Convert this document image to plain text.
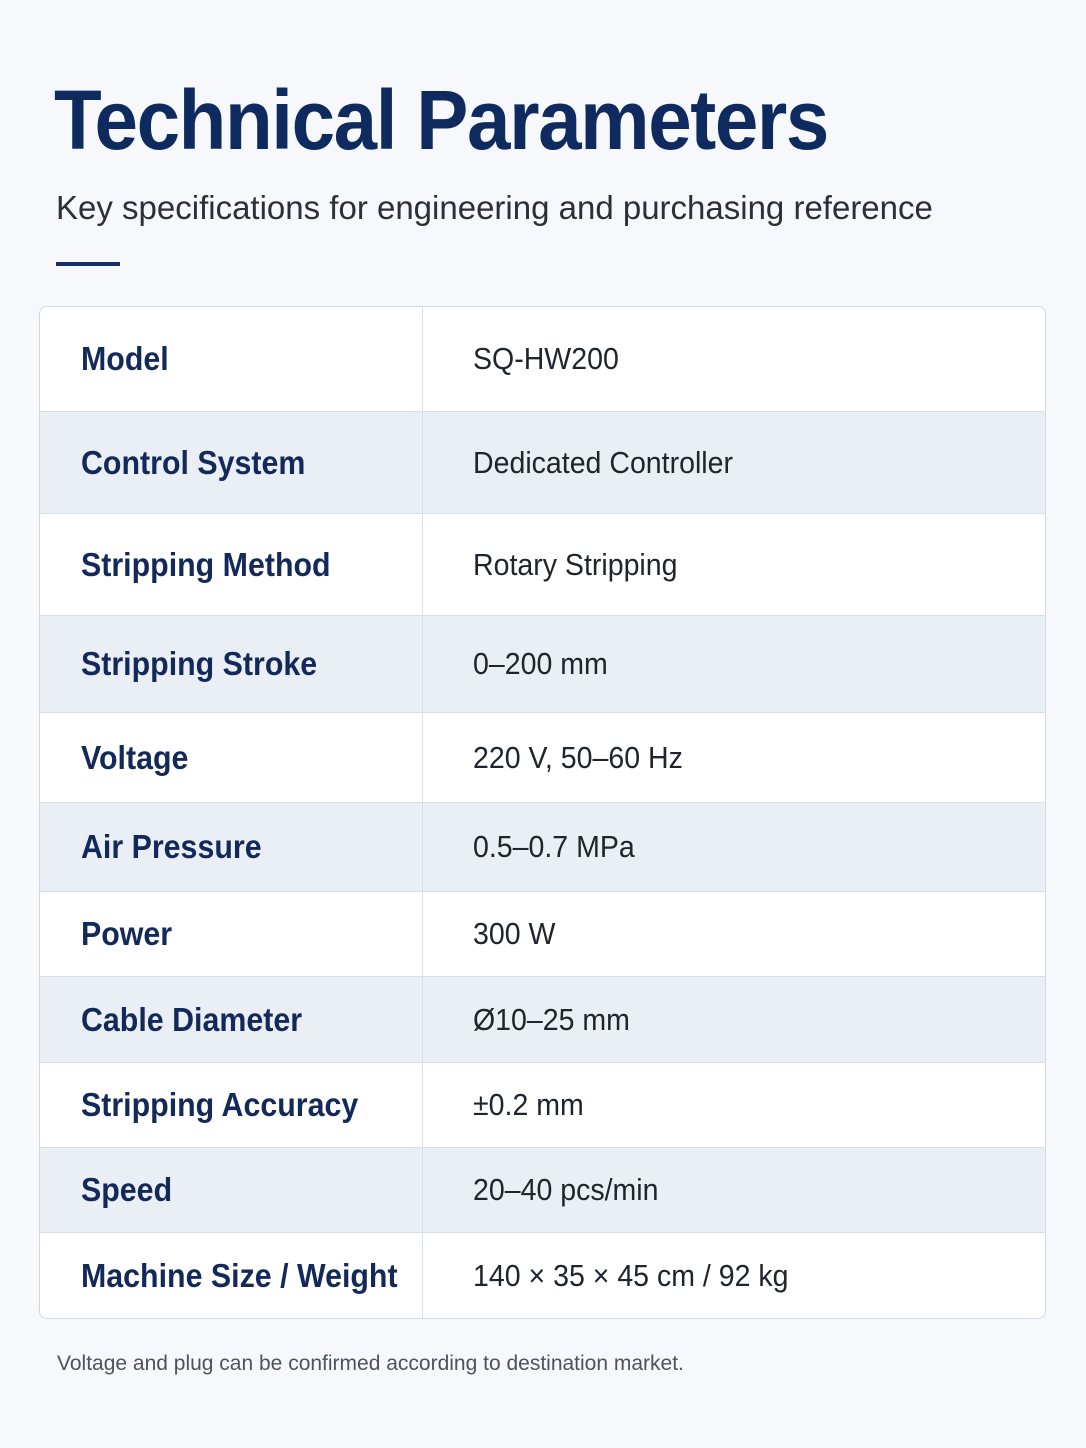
Technical Parameters

Key specifications for engineering and purchasing reference

Model	SQ-HW200
Control System	Dedicated Controller
Stripping Method	Rotary Stripping
Stripping Stroke	0–200 mm
Voltage	220 V, 50–60 Hz
Air Pressure	0.5–0.7 MPa
Power	300 W
Cable Diameter	Ø10–25 mm
Stripping Accuracy	±0.2 mm
Speed	20–40 pcs/min
Machine Size / Weight 140 × 35 × 45 cm / 92 kg

Voltage and plug can be confirmed according to destination market.
